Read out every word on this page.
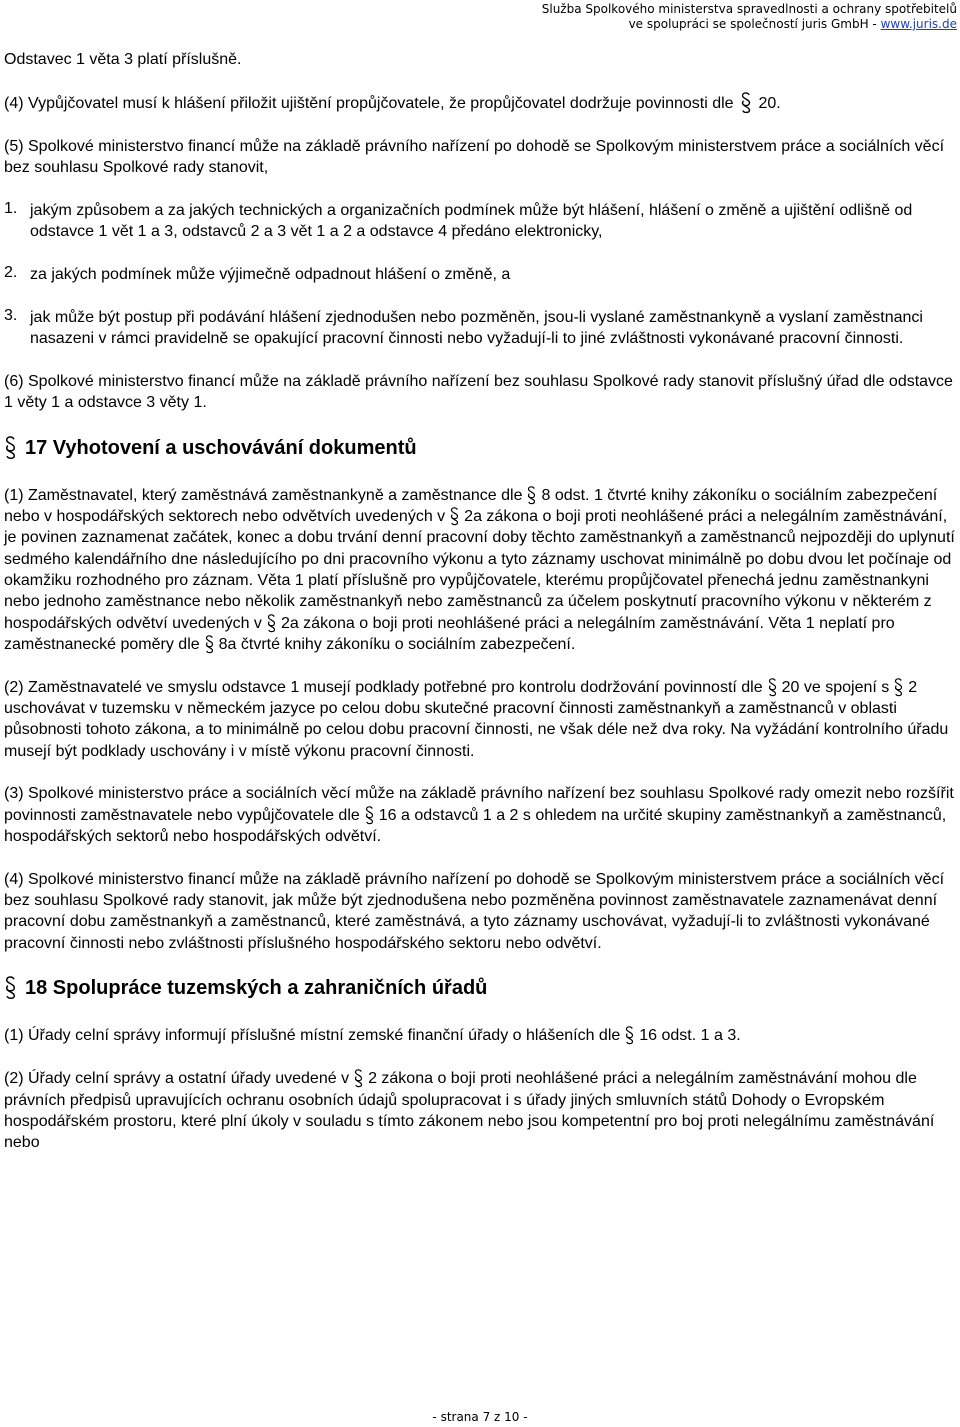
Služba Spolkového ministerstva spravedlnosti a ochrany spotřebitelů
ve spolupráci se společností juris GmbH - www.juris.de

Odstavec 1 věta 3 platí příslušně.

(4) Vypůjčovatel musí k hlášení přiložit ujištění propůjčovatele, že propůjčovatel dodržuje povinnosti dle 20.

(5) Spolkové ministerstvo financí může na základě právního nařízení po dohodě se Spolkovým ministerstvem práce a sociálních věcí bez souhlasu Spolkové rady stanovit,

1. jakým způsobem a za jakých technických a organizačních podmínek může být hlášení, hlášení o změně a ujištění odlišně od odstavce 1 vět 1 a 3, odstavců 2 a 3 vět 1 a 2 a odstavce 4 předáno elektronicky,

2. za jakých podmínek může výjimečně odpadnout hlášení o změně, a

3. jak může být postup při podávání hlášení zjednodušen nebo pozměněn, jsou-li vyslané zaměstnankyně a vyslaní zaměstnanci nasazeni v rámci pravidelně se opakující pracovní činnosti nebo vyžadují-li to jiné zvláštnosti vykonávané pracovní činnosti.

(6) Spolkové ministerstvo financí může na základě právního nařízení bez souhlasu Spolkové rady stanovit příslušný úřad dle odstavce 1 věty 1 a odstavce 3 věty 1.

17 Vyhotovení a uschovávání dokumentů

(1) Zaměstnavatel, který zaměstnává zaměstnankyně a zaměstnance dle 8 odst. 1 čtvrté knihy zákoníku o sociálním zabezpečení nebo v hospodářských sektorech nebo odvětvích uvedených v 2a zákona o boji proti neohlášené práci a nelegálním zaměstnávání, je povinen zaznamenat začátek, konec a dobu trvání denní pracovní doby těchto zaměstnankyň a zaměstnanců nejpozději do uplynutí sedmého kalendářního dne následujícího po dni pracovního výkonu a tyto záznamy uschovat minimálně po dobu dvou let počínaje od okamžiku rozhodného pro záznam. Věta 1 platí příslušně pro vypůjčovatele, kterému propůjčovatel přenechá jednu zaměstnankyni nebo jednoho zaměstnance nebo několik zaměstnankyň nebo zaměstnanců za účelem poskytnutí pracovního výkonu v některém z hospodářských odvětví uvedených v 2a zákona o boji proti neohlášené práci a nelegálním zaměstnávání. Věta 1 neplatí pro zaměstnanecké poměry dle 8a čtvrté knihy zákoníku o sociálním zabezpečení.

(2) Zaměstnavatelé ve smyslu odstavce 1 musejí podklady potřebné pro kontrolu dodržování povinností dle 20 ve spojení s 2 uschovávat v tuzemsku v německém jazyce po celou dobu skutečné pracovní činnosti zaměstnankyň a zaměstnanců v oblasti působnosti tohoto zákona, a to minimálně po celou dobu pracovní činnosti, ne však déle než dva roky. Na vyžádání kontrolního úřadu musejí být podklady uschovány i v místě výkonu pracovní činnosti.

(3) Spolkové ministerstvo práce a sociálních věcí může na základě právního nařízení bez souhlasu Spolkové rady omezit nebo rozšířit povinnosti zaměstnavatele nebo vypůjčovatele dle 16 a odstavců 1 a 2 s ohledem na určité skupiny zaměstnankyň a zaměstnanců, hospodářských sektorů nebo hospodářských odvětví.

(4) Spolkové ministerstvo financí může na základě právního nařízení po dohodě se Spolkovým ministerstvem práce a sociálních věcí bez souhlasu Spolkové rady stanovit, jak může být zjednodušena nebo pozměněna povinnost zaměstnavatele zaznamenávat denní pracovní dobu zaměstnankyň a zaměstnanců, které zaměstnává, a tyto záznamy uschovávat, vyžadují-li to zvláštnosti vykonávané pracovní činnosti nebo zvláštnosti příslušného hospodářského sektoru nebo odvětví.

18 Spolupráce tuzemských a zahraničních úřadů

(1) Úřady celní správy informují příslušné místní zemské finanční úřady o hlášeních dle 16 odst. 1 a 3.

(2) Úřady celní správy a ostatní úřady uvedené v 2 zákona o boji proti neohlášené práci a nelegálním zaměstnávání mohou dle právních předpisů upravujících ochranu osobních údajů spolupracovat i s úřady jiných smluvních států Dohody o Evropském hospodářském prostoru, které plní úkoly v souladu s tímto zákonem nebo jsou kompetentní pro boj proti nelegálnímu zaměstnávání nebo

- strana 7 z 10 -
